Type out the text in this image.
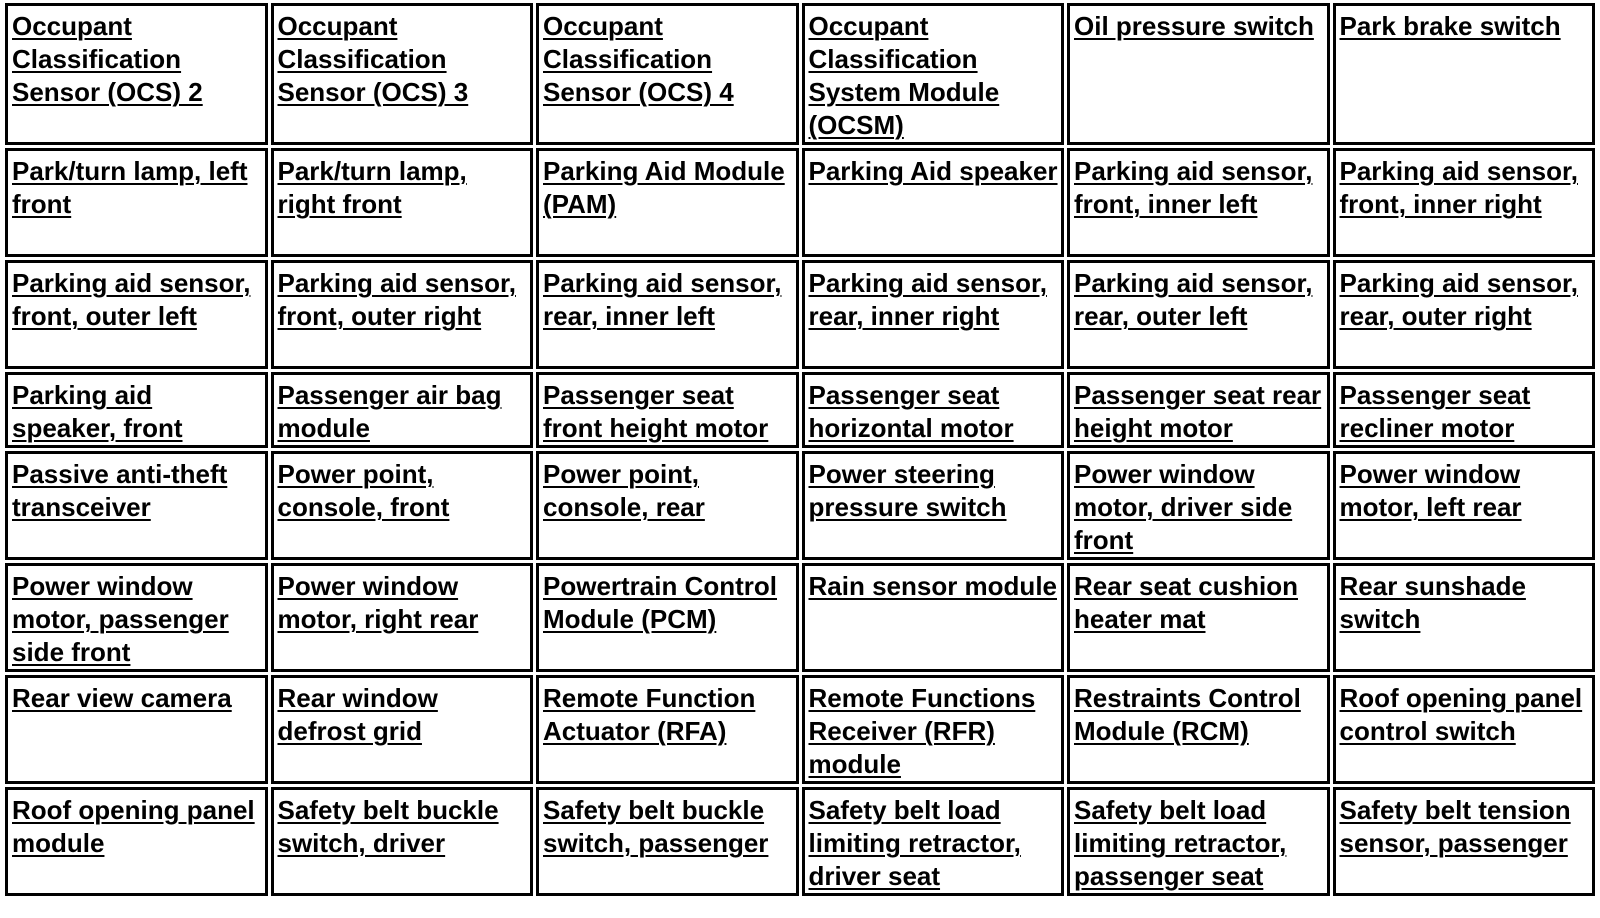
Occupant Classification Sensor (OCS) 2	Occupant Classification Sensor (OCS) 3	Occupant Classification Sensor (OCS) 4	Occupant Classification System Module (OCSM)	Oil pressure switch	Park brake switch

Park/turn lamp, left front	Park/turn lamp, right front	Parking Aid Module (PAM)	Parking Aid speaker	Parking aid sensor, front, inner left	Parking aid sensor, front, inner right

Parking aid sensor, front, outer left	Parking aid sensor, front, outer right	Parking aid sensor, rear, inner left	Parking aid sensor, rear, inner right	Parking aid sensor, rear, outer left	Parking aid sensor, rear, outer right

Parking aid speaker, front	Passenger air bag module	Passenger seat front height motor	Passenger seat horizontal motor	Passenger seat rear height motor	Passenger seat recliner motor

Passive anti-theft transceiver	Power point, console, front	Power point, console, rear	Power steering pressure switch	Power window motor, driver side front	Power window motor, left rear

Power window motor, passenger side front	Power window motor, right rear	Powertrain Control Module (PCM)	Rain sensor module	Rear seat cushion heater mat	Rear sunshade switch

Rear view camera	Rear window defrost grid	Remote Function Actuator (RFA)	Remote Functions Receiver (RFR) module	Restraints Control Module (RCM)	Roof opening panel control switch

Roof opening panel module	Safety belt buckle switch, driver	Safety belt buckle switch, passenger	Safety belt load limiting retractor, driver seat	Safety belt load limiting retractor, passenger seat	Safety belt tension sensor, passenger
